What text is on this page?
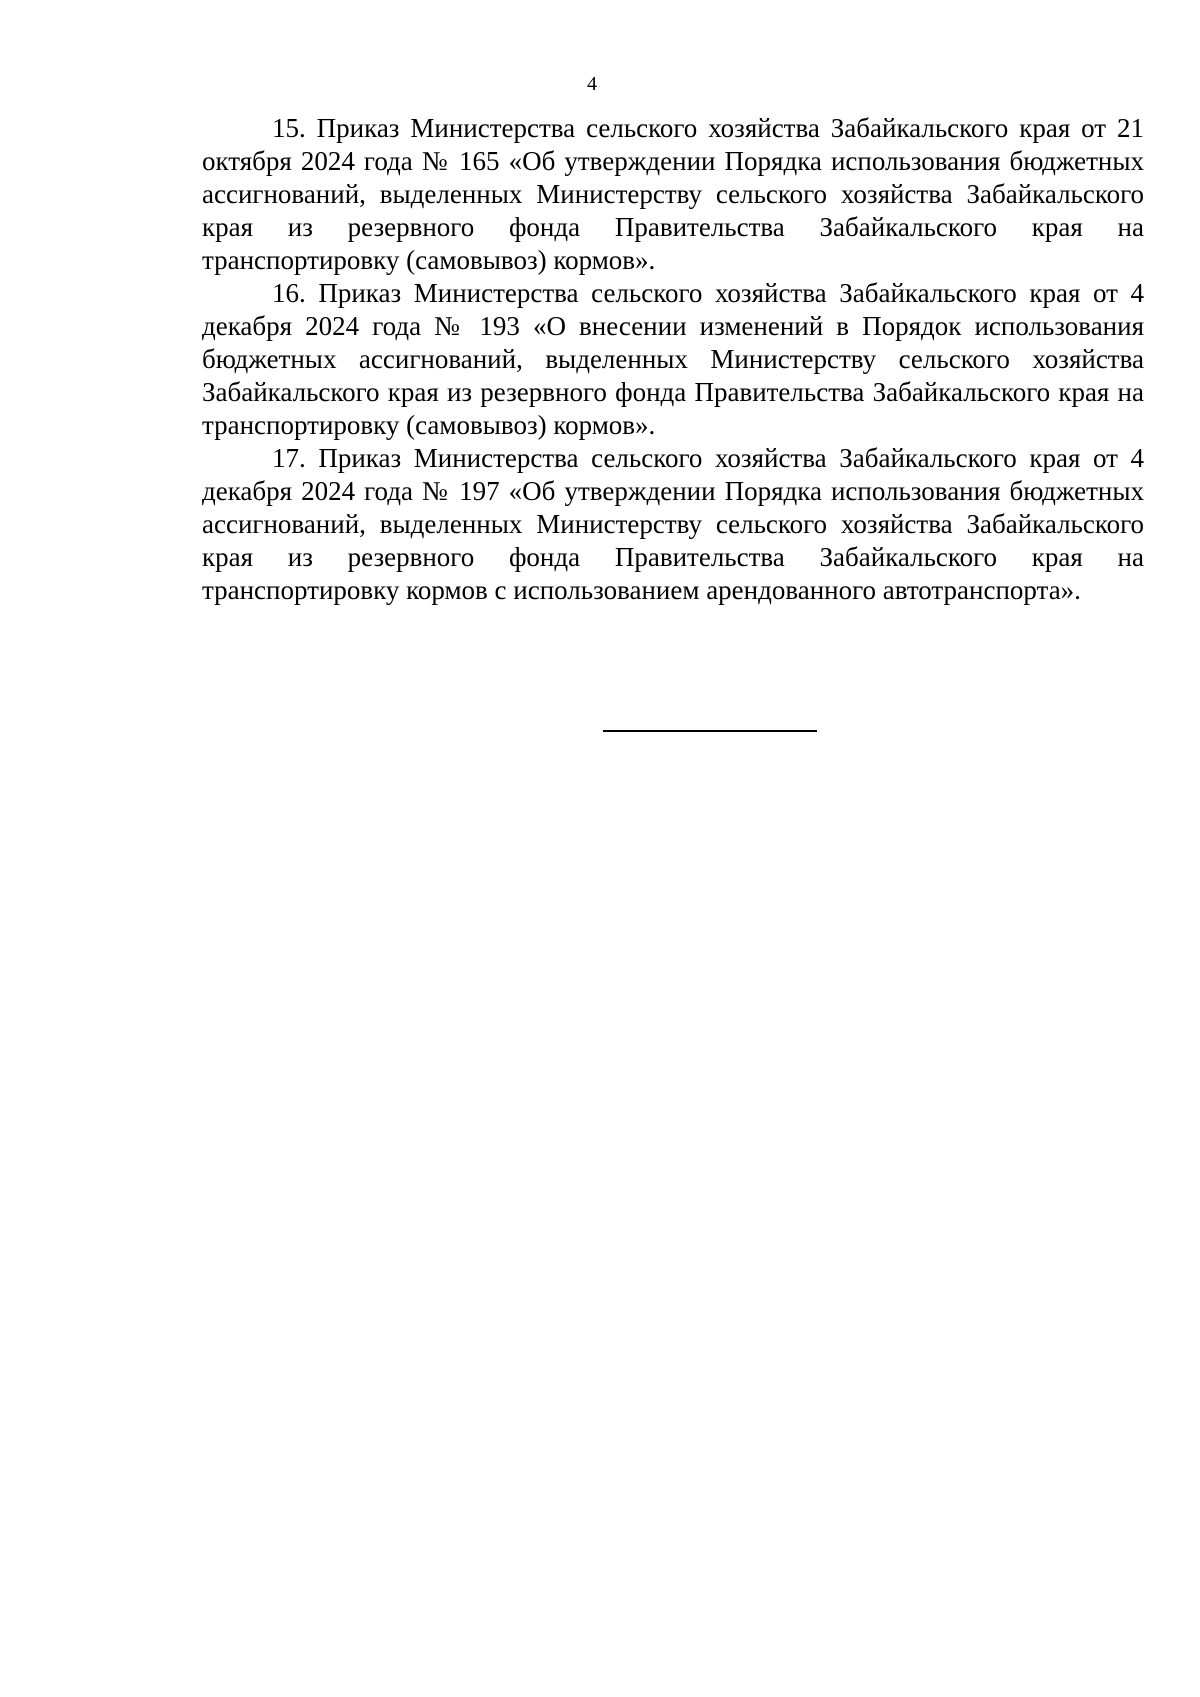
4

15. Приказ Министерства сельского хозяйства Забайкальского края от 21 октября 2024 года № 165 «Об утверждении Порядка использования бюджетных ассигнований, выделенных Министерству сельского хозяйства Забайкальского края из резервного фонда Правительства Забайкальского края на транспортировку (самовывоз) кормов».

16. Приказ Министерства сельского хозяйства Забайкальского края от 4 декабря 2024 года № 193 «О внесении изменений в Порядок использования бюджетных ассигнований, выделенных Министерству сельского хозяйства Забайкальского края из резервного фонда Правительства Забайкальского края на транспортировку (самовывоз) кормов».

17. Приказ Министерства сельского хозяйства Забайкальского края от 4 декабря 2024 года № 197 «Об утверждении Порядка использования бюджетных ассигнований, выделенных Министерству сельского хозяйства Забайкальского края из резервного фонда Правительства Забайкальского края на транспортировку кормов с использованием арендованного автотранспорта».
